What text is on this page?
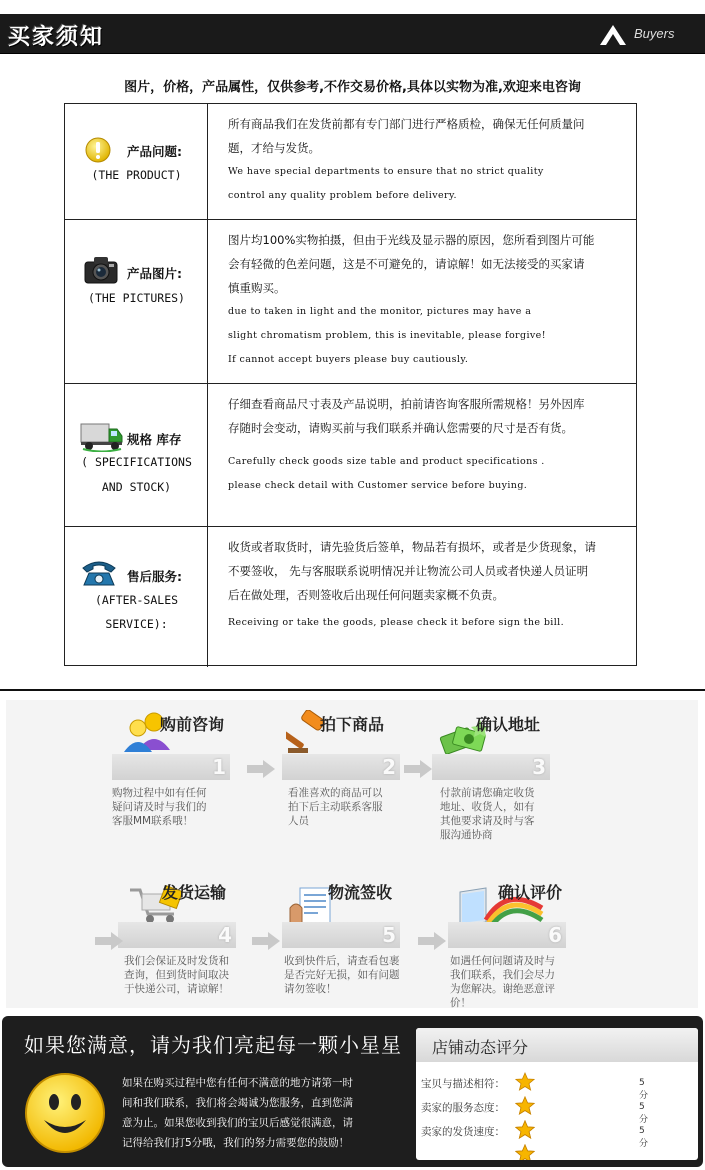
买家须知	Buyers
图片，价格，产品属性，仅供参考,不作交易价格,具体以实物为准,欢迎来电咨询
产品问题:
(THE PRODUCT)
所有商品我们在发货前都有专门部门进行严格质检，确保无任何质量问
题，才给与发货。
We have special departments to ensure that no strict quality
control any quality problem before delivery.
产品图片:
(THE PICTURES)
图片均100%实物拍摄，但由于光线及显示器的原因，您所看到图片可能
会有轻微的色差问题，这是不可避免的，请谅解！如无法接受的买家请
慎重购买。
due to taken in light and the monitor, pictures may have a
slight chromatism problem, this is inevitable, please forgive!
If cannot accept buyers please buy cautiously.
规格 库存
( SPECIFICATIONS
AND STOCK)
仔细查看商品尺寸表及产品说明，拍前请咨询客服所需规格！另外因库
存随时会变动，请购买前与我们联系并确认您需要的尺寸是否有货。
Carefully check goods size table and product specifications .
please check detail with Customer service before buying.
售后服务:
(AFTER-SALES
SERVICE):
收货或者取货时，请先验货后签单，物品若有损坏，或者是少货现象，请
不要签收， 先与客服联系说明情况并让物流公司人员或者快递人员证明
后在做处理，否则签收后出现任何问题卖家概不负责。
Receiving or take the goods, please check it before sign the bill.
购前咨询
1
购物过程中如有任何
疑问请及时与我们的
客服MM联系哦！
拍下商品
2
看准喜欢的商品可以
拍下后主动联系客服
人员
确认地址
3
付款前请您确定收货
地址、收货人，如有
其他要求请及时与客
服沟通协商
发货运输
4
我们会保证及时发货和
查询，但到货时间取决
于快递公司，请谅解！
物流签收
5
收到快件后，请查看包裹
是否完好无损，如有问题
请勿签收！
确认评价
6
如遇任何问题请及时与
我们联系，我们会尽力
为您解决。谢绝恶意评
价！
如果您满意，请为我们亮起每一颗小星星
如果在购买过程中您有任何不满意的地方请第一时
间和我们联系，我们将会竭诚为您服务，直到您满
意为止。如果您收到我们的宝贝后感觉很满意，请
记得给我们打5分哦，我们的努力需要您的鼓励！
店铺动态评分
宝贝与描述相符：	5分
卖家的服务态度：	5分
卖家的发货速度：	5分
